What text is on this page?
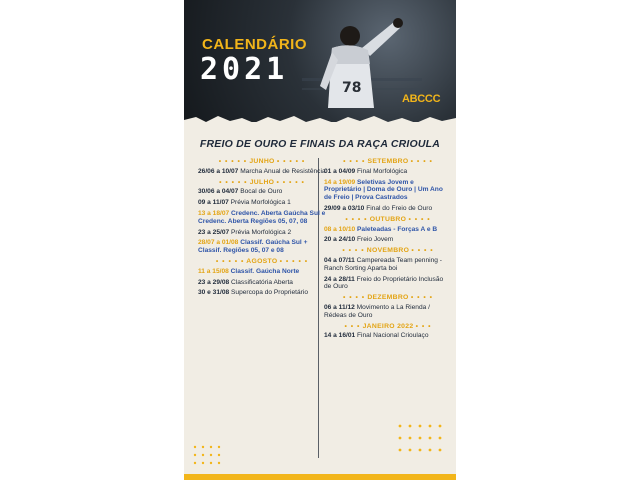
78
CALENDÁRIO
2021
ABCCC
FREIO DE OURO E FINAIS DA RAÇA CRIOULA
• • • • • JUNHO • • • • •
26/06 a 10/07 Marcha Anual de Resistência
• • • • • JULHO • • • • •
30/06 a 04/07 Bocal de Ouro
09 a 11/07 Prévia Morfológica 1
13 a 18/07 Credenc. Aberta Gaúcha Sul e Credenc. Aberta Regiões 05, 07, 08
23 a 25/07 Prévia Morfológica 2
28/07 a 01/08 Classif. Gaúcha Sul + Classif. Regiões 05, 07 e 08
• • • • • AGOSTO • • • • •
11 a 15/08 Classif. Gaúcha Norte
23 a 29/08 Classificatória Aberta
30 e 31/08 Supercopa do Proprietário
• • • • SETEMBRO • • • •
01 a 04/09 Final Morfológica
14 a 19/09 Seletivas Jovem e Proprietário | Doma de Ouro | Um Ano de Freio | Prova Castrados
29/09 a 03/10 Final do Freio de Ouro
• • • • OUTUBRO • • • •
08 a 10/10 Paleteadas - Forças A e B
20 a 24/10 Freio Jovem
• • • • NOVEMBRO • • • •
04 a 07/11 Campereada Team penning - Ranch Sorting Aparta boi
24 a 28/11 Freio do Proprietário Inclusão de Ouro
• • • • DEZEMBRO • • • •
06 a 11/12 Movimento a La Rienda / Rédeas de Ouro
• • • JANEIRO 2022 • • •
14 a 16/01 Final Nacional Crioulaço
